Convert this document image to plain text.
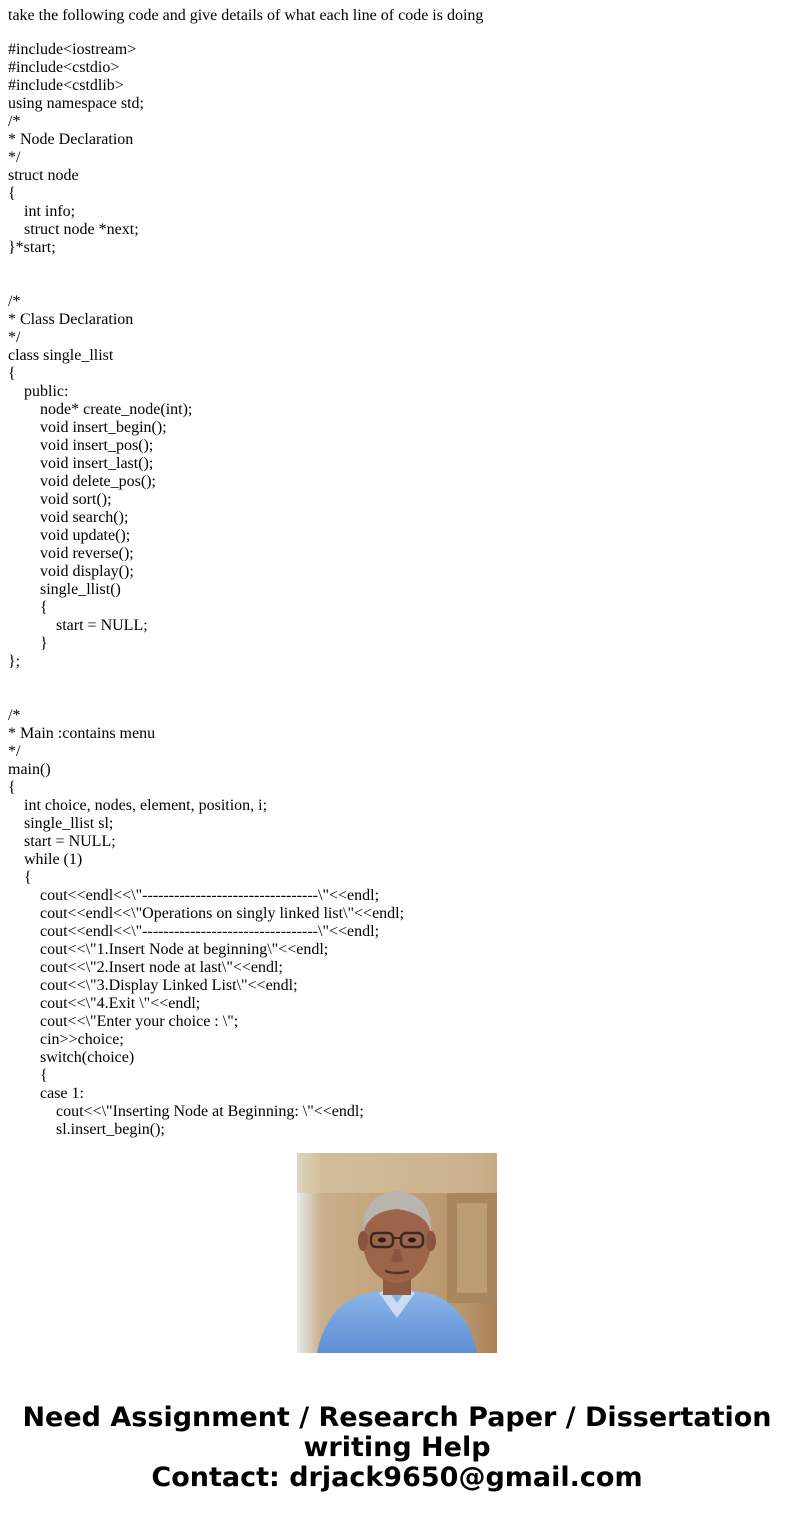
take the following code and give details of what each line of code is doing
#include<iostream>
#include<cstdio>
#include<cstdlib>
using namespace std;
/*
* Node Declaration
*/
struct node
{
int info;
struct node *next;
}*start;

/*
* Class Declaration
*/
class single_llist
{
public:
node* create_node(int);
void insert_begin();
void insert_pos();
void insert_last();
void delete_pos();
void sort();
void search();
void update();
void reverse();
void display();
single_llist()
{
start = NULL;
}
};

/*
* Main :contains menu
*/
main()
{
int choice, nodes, element, position, i;
single_llist sl;
start = NULL;
while (1)
{
cout<<endl<<\"---------------------------------\"<<endl;
cout<<endl<<\"Operations on singly linked list\"<<endl;
cout<<endl<<\"---------------------------------\"<<endl;
cout<<\"1.Insert Node at beginning\"<<endl;
cout<<\"2.Insert node at last\"<<endl;
cout<<\"3.Display Linked List\"<<endl;
cout<<\"4.Exit \"<<endl;
cout<<\"Enter your choice : \";
cin>>choice;
switch(choice)
{
case 1:
cout<<\"Inserting Node at Beginning: \"<<endl;
sl.insert_begin();
Need Assignment / Research Paper / Dissertation
writing Help
Contact: drjack9650@gmail.com
